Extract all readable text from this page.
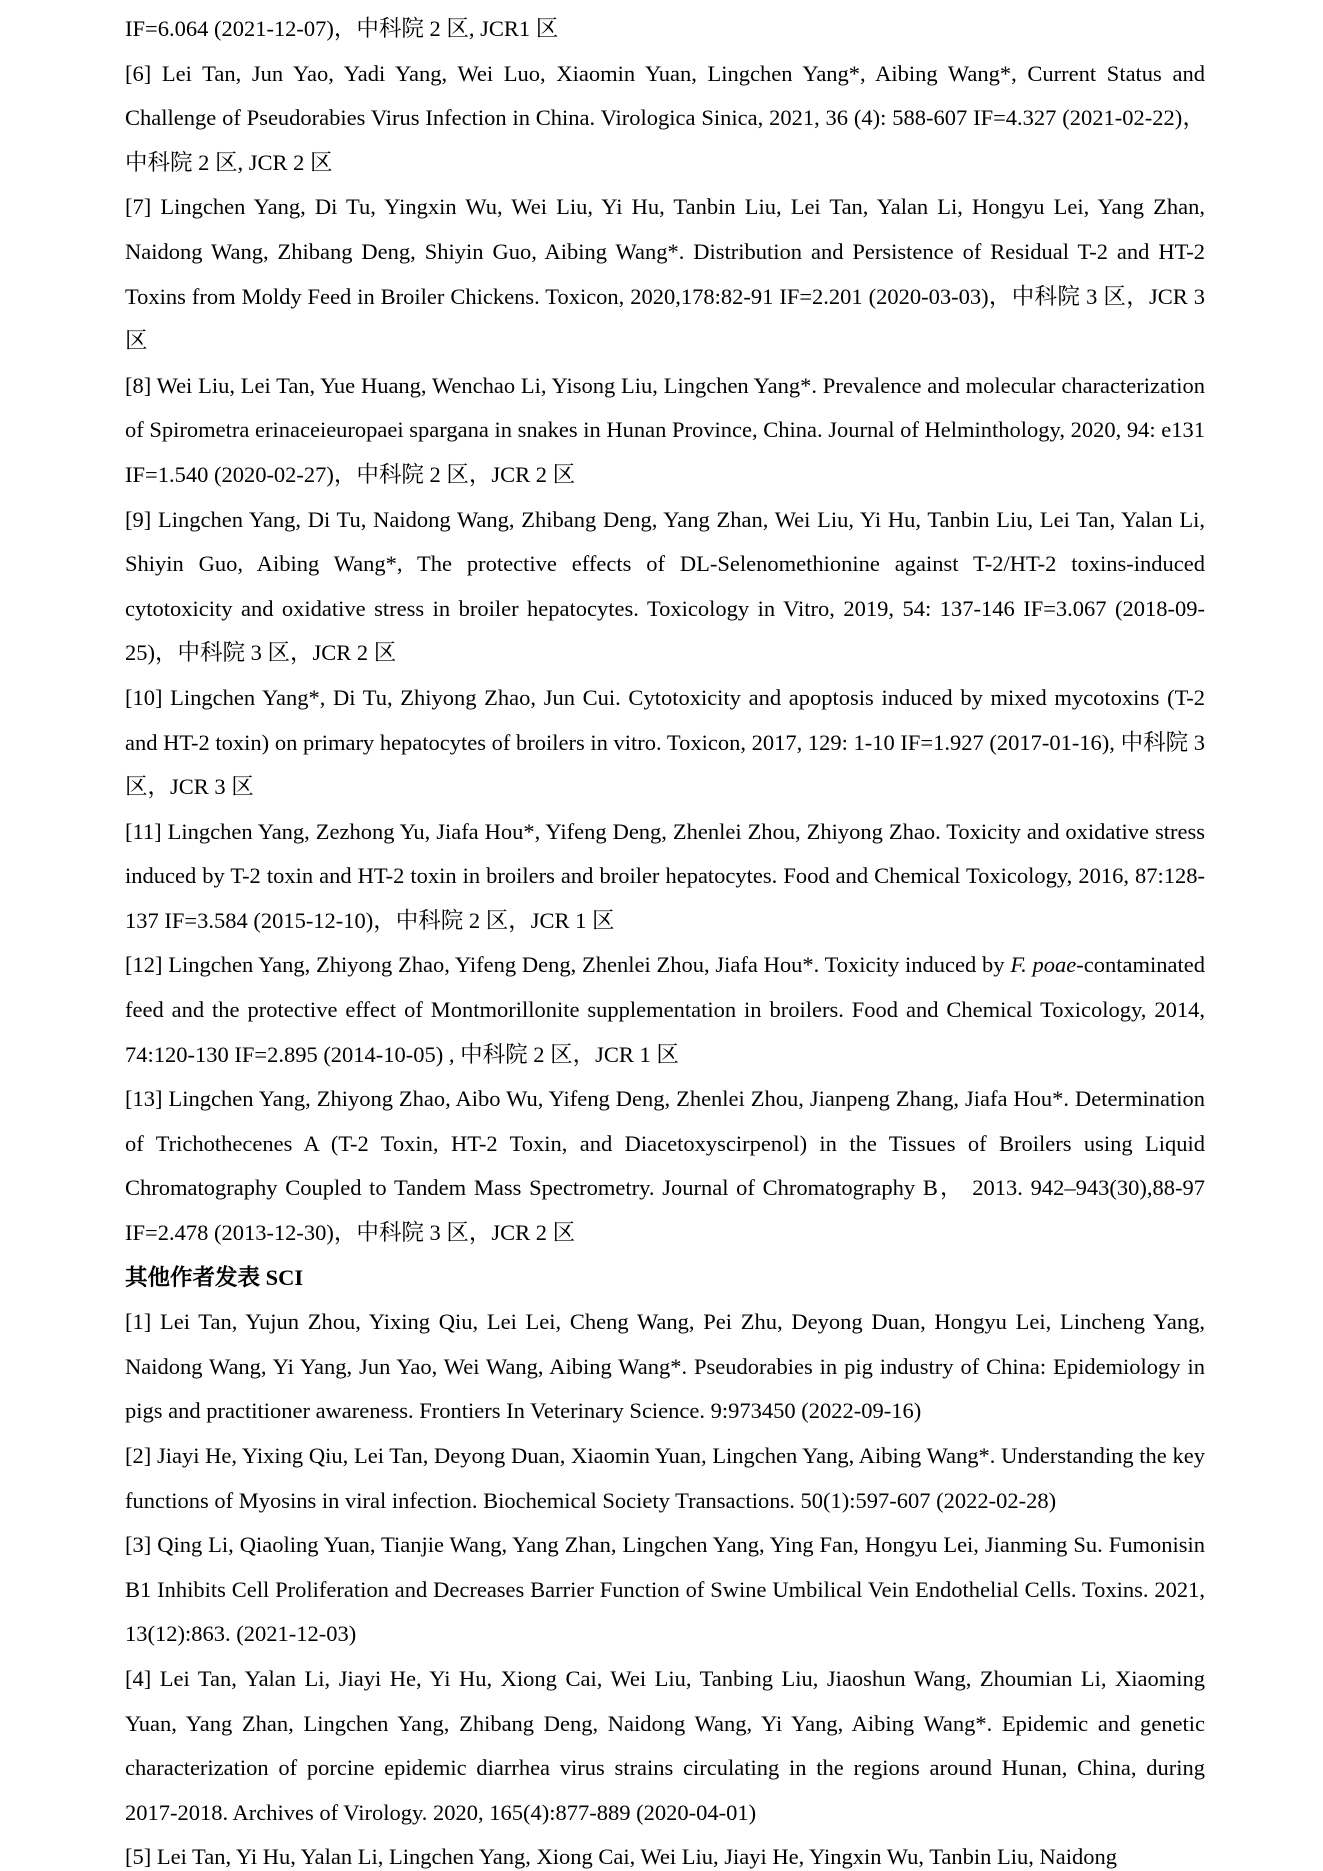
IF=6.064 (2021-12-07)，中科院 2 区, JCR1 区

[6] Lei Tan, Jun Yao, Yadi Yang, Wei Luo, Xiaomin Yuan, Lingchen Yang*, Aibing Wang*, Current Status and Challenge of Pseudorabies Virus Infection in China. Virologica Sinica, 2021, 36 (4): 588-607 IF=4.327 (2021-02-22)，中科院 2 区, JCR 2 区

[7] Lingchen Yang, Di Tu, Yingxin Wu, Wei Liu, Yi Hu, Tanbin Liu, Lei Tan, Yalan Li, Hongyu Lei, Yang Zhan, Naidong Wang, Zhibang Deng, Shiyin Guo, Aibing Wang*. Distribution and Persistence of Residual T-2 and HT-2 Toxins from Moldy Feed in Broiler Chickens. Toxicon, 2020,178:82-91 IF=2.201 (2020-03-03)，中科院 3 区，JCR 3 区

[8] Wei Liu, Lei Tan, Yue Huang, Wenchao Li, Yisong Liu, Lingchen Yang*. Prevalence and molecular characterization of Spirometra erinaceieuropaei spargana in snakes in Hunan Province, China. Journal of Helminthology, 2020, 94: e131 IF=1.540 (2020-02-27)，中科院 2 区，JCR 2 区

[9] Lingchen Yang, Di Tu, Naidong Wang, Zhibang Deng, Yang Zhan, Wei Liu, Yi Hu, Tanbin Liu, Lei Tan, Yalan Li, Shiyin Guo, Aibing Wang*, The protective effects of DL-Selenomethionine against T-2/HT-2 toxins-induced cytotoxicity and oxidative stress in broiler hepatocytes. Toxicology in Vitro, 2019, 54: 137-146 IF=3.067 (2018-09-25)，中科院 3 区，JCR 2 区

[10] Lingchen Yang*, Di Tu, Zhiyong Zhao, Jun Cui. Cytotoxicity and apoptosis induced by mixed mycotoxins (T-2 and HT-2 toxin) on primary hepatocytes of broilers in vitro. Toxicon, 2017, 129: 1-10 IF=1.927 (2017-01-16), 中科院 3 区，JCR 3 区

[11] Lingchen Yang, Zezhong Yu, Jiafa Hou*, Yifeng Deng, Zhenlei Zhou, Zhiyong Zhao. Toxicity and oxidative stress induced by T-2 toxin and HT-2 toxin in broilers and broiler hepatocytes. Food and Chemical Toxicology, 2016, 87:128-137 IF=3.584 (2015-12-10)，中科院 2 区，JCR 1 区

[12] Lingchen Yang, Zhiyong Zhao, Yifeng Deng, Zhenlei Zhou, Jiafa Hou*. Toxicity induced by F. poae-contaminated feed and the protective effect of Montmorillonite supplementation in broilers. Food and Chemical Toxicology, 2014, 74:120-130 IF=2.895 (2014-10-05) , 中科院 2 区，JCR 1 区

[13] Lingchen Yang, Zhiyong Zhao, Aibo Wu, Yifeng Deng, Zhenlei Zhou, Jianpeng Zhang, Jiafa Hou*. Determination of Trichothecenes A (T-2 Toxin, HT-2 Toxin, and Diacetoxyscirpenol) in the Tissues of Broilers using Liquid Chromatography Coupled to Tandem Mass Spectrometry. Journal of Chromatography B， 2013. 942–943(30),88-97 IF=2.478 (2013-12-30)，中科院 3 区，JCR 2 区

其他作者发表 SCI

[1] Lei Tan, Yujun Zhou, Yixing Qiu, Lei Lei, Cheng Wang, Pei Zhu, Deyong Duan, Hongyu Lei, Lincheng Yang, Naidong Wang, Yi Yang, Jun Yao, Wei Wang, Aibing Wang*. Pseudorabies in pig industry of China: Epidemiology in pigs and practitioner awareness. Frontiers In Veterinary Science. 9:973450 (2022-09-16)

[2] Jiayi He, Yixing Qiu, Lei Tan, Deyong Duan, Xiaomin Yuan, Lingchen Yang, Aibing Wang*. Understanding the key functions of Myosins in viral infection. Biochemical Society Transactions. 50(1):597-607 (2022-02-28)

[3] Qing Li, Qiaoling Yuan, Tianjie Wang, Yang Zhan, Lingchen Yang, Ying Fan, Hongyu Lei, Jianming Su. Fumonisin B1 Inhibits Cell Proliferation and Decreases Barrier Function of Swine Umbilical Vein Endothelial Cells. Toxins. 2021, 13(12):863. (2021-12-03)

[4] Lei Tan, Yalan Li, Jiayi He, Yi Hu, Xiong Cai, Wei Liu, Tanbing Liu, Jiaoshun Wang, Zhoumian Li, Xiaoming Yuan, Yang Zhan, Lingchen Yang, Zhibang Deng, Naidong Wang, Yi Yang, Aibing Wang*. Epidemic and genetic characterization of porcine epidemic diarrhea virus strains circulating in the regions around Hunan, China, during 2017-2018. Archives of Virology. 2020, 165(4):877-889 (2020-04-01)

[5] Lei Tan, Yi Hu, Yalan Li, Lingchen Yang, Xiong Cai, Wei Liu, Jiayi He, Yingxin Wu, Tanbin Liu, Naidong
